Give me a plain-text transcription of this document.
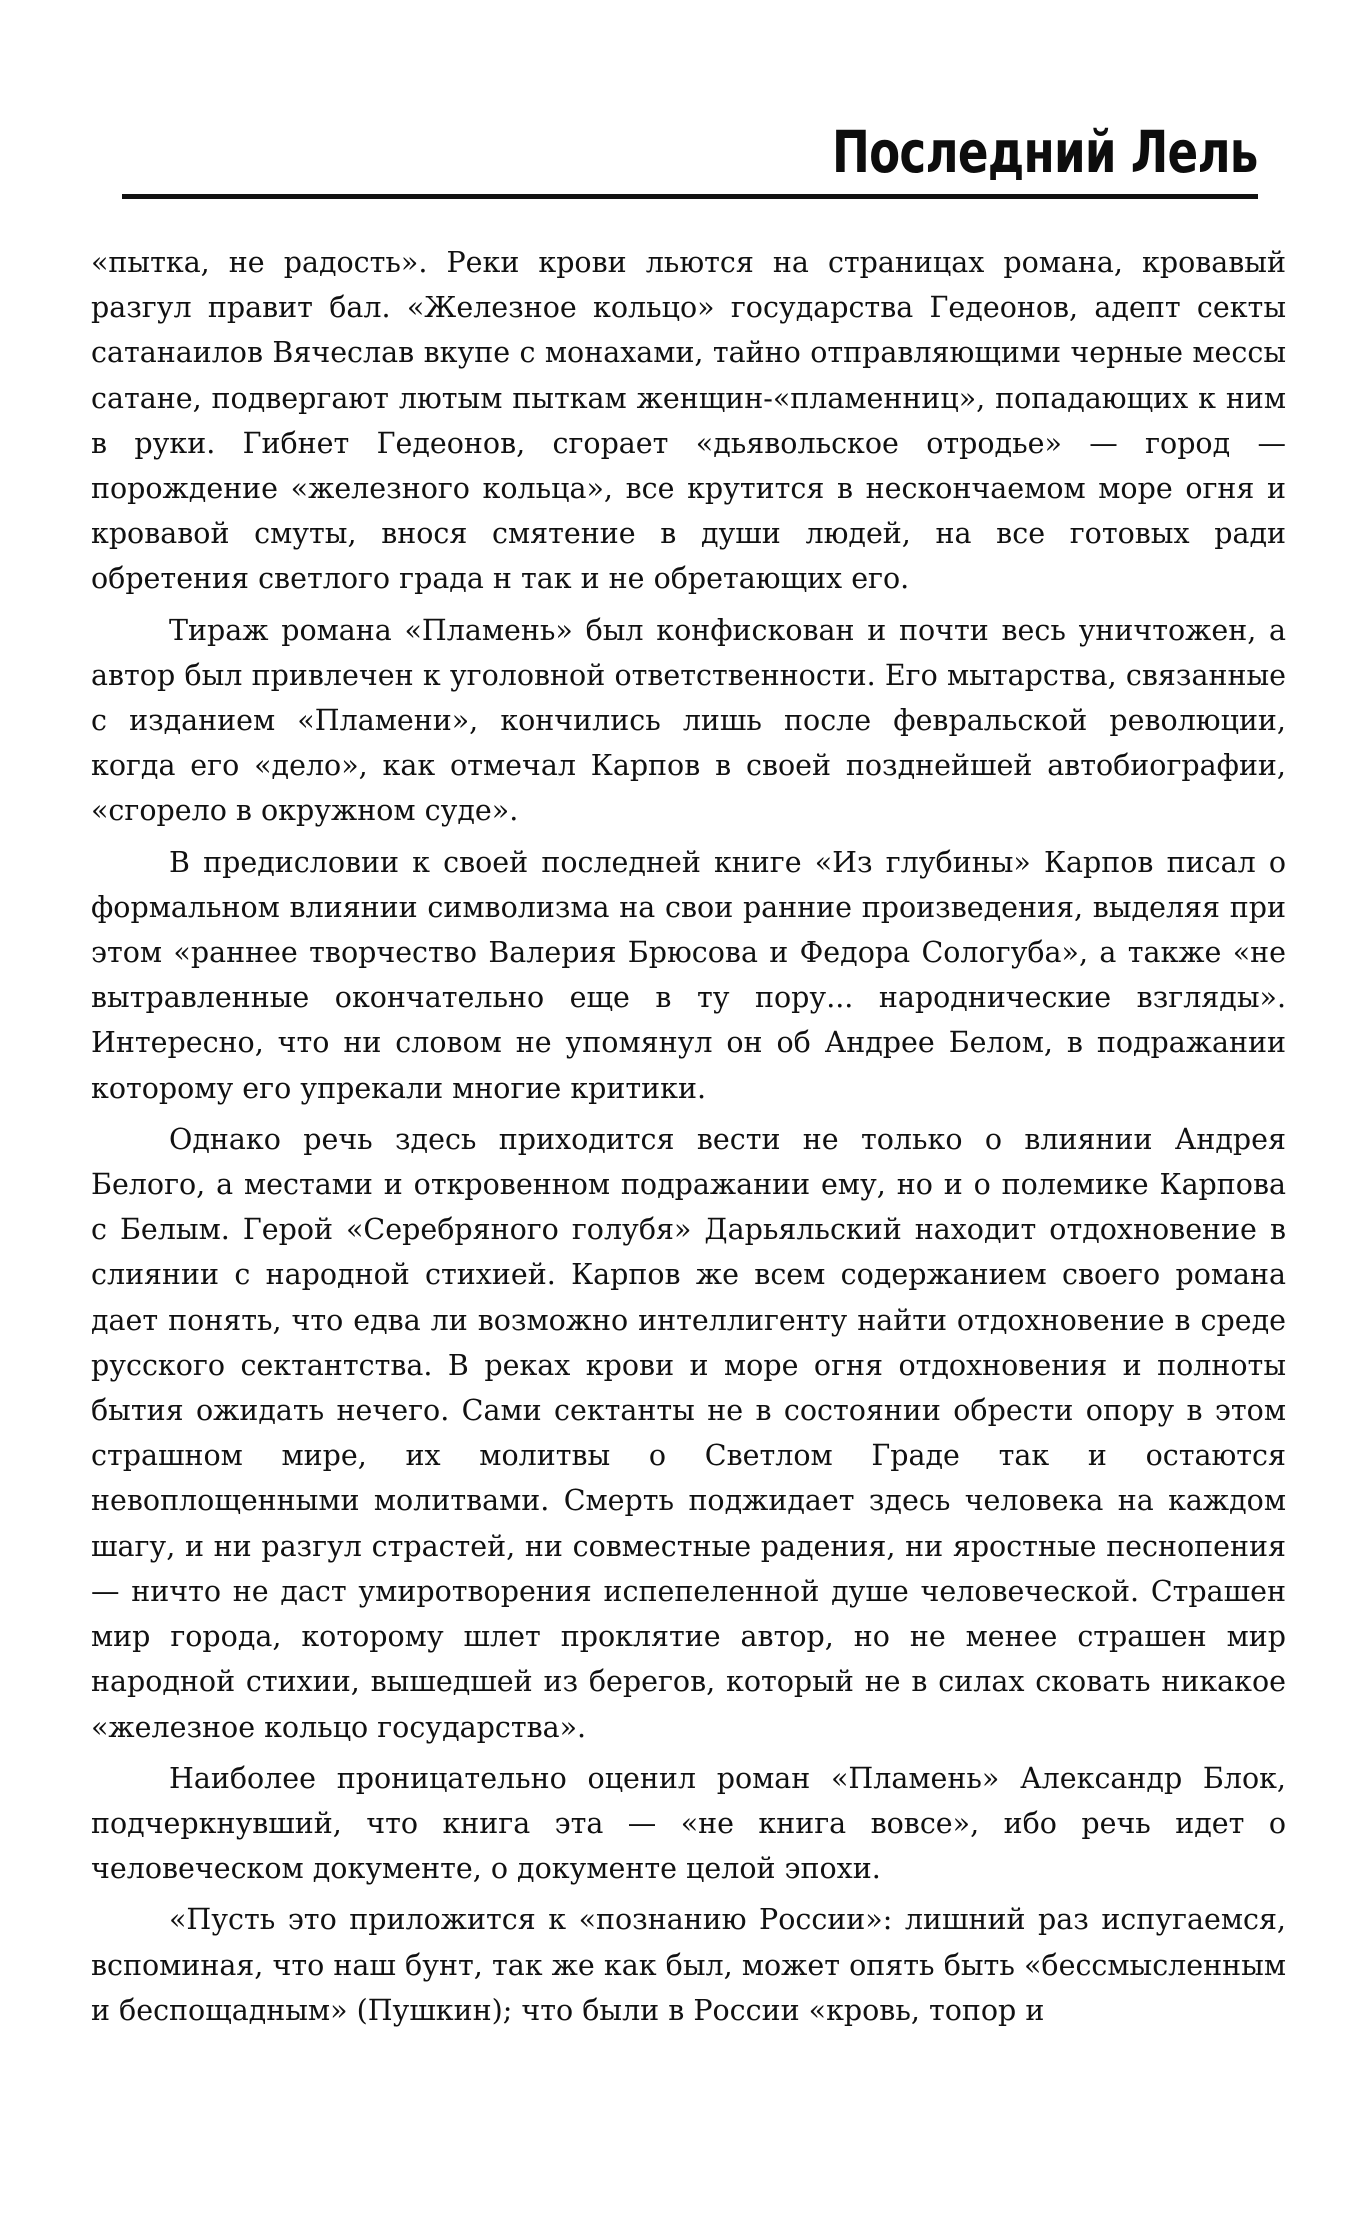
Последний Лель

«пытка, не радость». Реки крови льются на страницах романа, кровавый разгул правит бал. «Железное кольцо» государства Гедеонов, адепт секты сатанаилов Вячеслав вкупе с монахами, тайно отправляющими черные мессы сатане, подвергают лютым пыткам женщин-«пламенниц», попадающих к ним в руки. Гибнет Гедеонов, сгорает «дьявольское отродье» — город — порождение «железного кольца», все крутится в нескончаемом море огня и кровавой смуты, внося смятение в души людей, на все готовых ради обретения светлого града н так и не обретающих его.

Тираж романа «Пламень» был конфискован и почти весь уничтожен, а автор был привлечен к уголовной ответственности. Его мытарства, связанные с изданием «Пламени», кончились лишь после февральской революции, когда его «дело», как отмечал Карпов в своей позднейшей автобиографии, «сгорело в окружном суде».

В предисловии к своей последней книге «Из глубины» Карпов писал о формальном влиянии символизма на свои ранние произведения, выделяя при этом «раннее творчество Валерия Брюсова и Федора Сологуба», а также «не вытравленные окончательно еще в ту пору... народнические взгляды». Интересно, что ни словом не упомянул он об Андрее Белом, в подражании которому его упрекали многие критики.

Однако речь здесь приходится вести не только о влиянии Андрея Белого, а местами и откровенном подражании ему, но и о полемике Карпова с Белым. Герой «Серебряного голубя» Дарьяльский находит отдохновение в слиянии с народной стихией. Карпов же всем содержанием своего романа дает понять, что едва ли возможно интеллигенту найти отдохновение в среде русского сектантства. В реках крови и море огня отдохновения и полноты бытия ожидать нечего. Сами сектанты не в состоянии обрести опору в этом страшном мире, их молитвы о Светлом Граде так и остаются невоплощенными молитвами. Смерть поджидает здесь человека на каждом шагу, и ни разгул страстей, ни совместные радения, ни яростные песнопения — ничто не даст умиротворения испепеленной душе человеческой. Страшен мир города, которому шлет проклятие автор, но не менее страшен мир народной стихии, вышедшей из берегов, который не в силах сковать никакое «железное кольцо государства».

Наиболее проницательно оценил роман «Пламень» Александр Блок, подчеркнувший, что книга эта — «не книга вовсе», ибо речь идет о человеческом документе, о документе целой эпохи.

«Пусть это приложится к «познанию России»: лишний раз испугаемся, вспоминая, что наш бунт, так же как был, может опять быть «бессмысленным и беспощадным» (Пушкин); что были в России «кровь, топор и
